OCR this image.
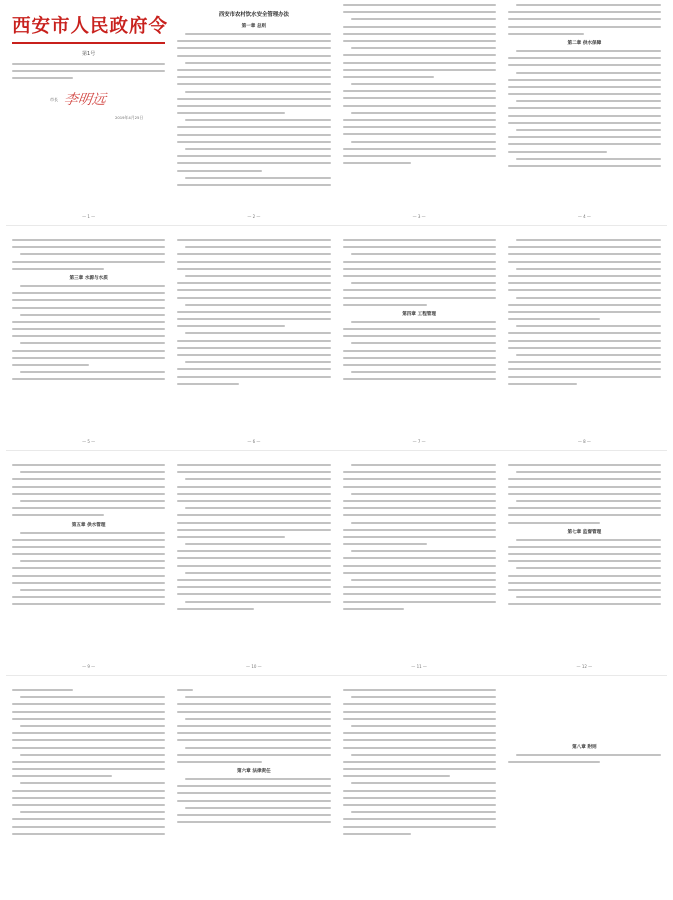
西安市人民政府令
第1号
市长 李明远
2019年4月25日
— 1 —
西安市农村饮水安全管理办法
第一章 总则
— 2 —	— 3 —
第二章 供水保障
— 4 —
第三章 水源与水质
— 5 —	— 6 —
第四章 工程管理
— 7 —	— 8 —
第五章 供水管理
— 9 —	— 10 —	— 11 —
第七章 监督管理
— 12 —
第六章 法律责任
第八章 附则
